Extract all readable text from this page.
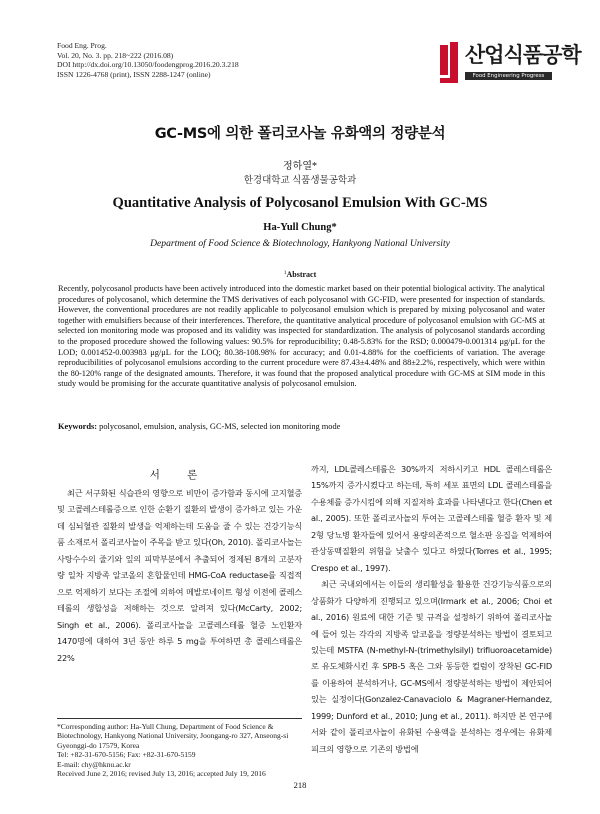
Food Eng. Prog.
Vol. 20, No. 3. pp. 218~222 (2016.08)
DOI http://dx.doi.org/10.13050/foodengprog.2016.20.3.218
ISSN 1226-4768 (print), ISSN 2288-1247 (online)
산업식품공학
Food Engineering Progress
GC-MS에 의한 폴리코사놀 유화액의 정량분석
정하열*
한경대학교 식품생물공학과
Quantitative Analysis of Polycosanol Emulsion With GC-MS
Ha-Yull Chung*
Department of Food Science & Biotechnology, Hankyong National University
$^1$Abstract
Recently, polycosanol products have been actively introduced into the domestic market based on their potential biological activity. The analytical procedures of polycosanol, which determine the TMS derivatives of each polycosanol with GC-FID, were presented for inspection of standards. However, the conventional procedures are not readily applicable to polycosanol emulsion which is prepared by mixing polycosanol and water together with emulsifiers because of their interferences. Therefore, the quantitative analytical procedure of polycosanol emulsion with GC-MS at selected ion monitoring mode was proposed and its validity was inspected for standardization. The analysis of polycosanol standards according to the proposed procedure showed the following values: 90.5% for reproducibility; 0.48-5.83% for the RSD; 0.000479-0.001314 μg/μL for the LOD; 0.001452-0.003983 μg/μL for the LOQ; 80.38-108.98% for accuracy; and 0.01-4.88% for the coefficients of variation. The average reproducibilities of polycosanol emulsions according to the current procedure were 87.43±4.48% and 88±2.2%, respectively, which were within the 80-120% range of the designated amounts. Therefore, it was found that the proposed analytical procedure with GC-MS at SIM mode in this study would be promising for the accurate quantitative analysis of polycosanol emulsion.
Keywords: polycosanol, emulsion, analysis, GC-MS, selected ion monitoring mode
서 론

최근 서구화된 식습관의 영향으로 비만이 증가함과 동시에 고지혈증 및 고콜레스테롤증으로 인한 순환기 질환의 발생이 증가하고 있는 가운데 심뇌혈관 질환의 발생을 억제하는데 도움을 줄 수 있는 건강기능식품 소재로서 폴리코사놀이 주목을 받고 있다(Oh, 2010). 폴리코사놀는 사탕수수의 줄기와 잎의 피막부분에서 추출되어 정제된 8개의 고분자량 일차 지방족 알코올의 혼합물인데 HMG-CoA reductase를 직접적으로 억제하기 보다는 조절에 의하여 메발로네이트 형성 이전에 콜레스테롤의 생합성을 저해하는 것으로 알려져 있다(McCarty, 2002; Singh et al., 2006). 폴리코사놀을 고콜레스테롤 혈증 노인환자 1470명에 대하여 3년 동안 하루 5 mg을 투여하면 총 콜레스테롤은 22%

까지, LDL콜레스테롤은 30%까지 저하시키고 HDL 콜레스테롤은 15%까지 증가시켰다고 하는데, 특히 세포 표면의 LDL 콜레스테롤을 수용체를 증가시킴에 의해 지질저하 효과를 나타낸다고 한다(Chen et al., 2005). 또한 폴리코사놀의 투여는 고콜레스테롤 혈증 환자 및 제2형 당뇨병 환자들에 있어서 용량의존적으로 혈소판 응집을 억제하여 관상동맥질환의 위험을 낮출수 있다고 하였다(Torres et al., 1995; Crespo et al., 1997).

최근 국내외에서는 이들의 생리활성을 활용한 건강기능식품으로의 상품화가 다양하게 진행되고 있으며(Irmark et al., 2006; Choi et al., 2016) 원료에 대한 기준 및 규격을 설정하기 위하여 폴리코사놀에 들어 있는 각각의 지방족 알코올을 정량분석하는 방법이 결토되고 있는데 MSTFA (N-methyl-N-(trimethylsilyl) trifluoroacetamide)로 유도체화시킨 후 SPB-5 혹은 그와 동등한 컬럼이 장착된 GC-FID를 이용하여 분석하거나, GC-MS에서 정량분석하는 방법이 제안되어 있는 실정이다(Gonzalez-Canavaciolo & Magraner-Hernandez, 1999; Dunford et al., 2010; Jung et al., 2011). 하지만 본 연구에서와 같이 폴리코사놀이 유화된 수용액을 분석하는 경우에는 유화제 피크의 영향으로 기존의 방법에

*Corresponding author: Ha-Yull Chung, Department of Food Science & Biotechnology, Hankyong National University, Joongang-ro 327, Anseong-si Gyeonggi-do 17579, Korea
Tel: +82-31-670-5156; Fax: +82-31-670-5159
E-mail: chy@hknu.ac.kr
Received June 2, 2016; revised July 13, 2016; accepted July 19, 2016
218
